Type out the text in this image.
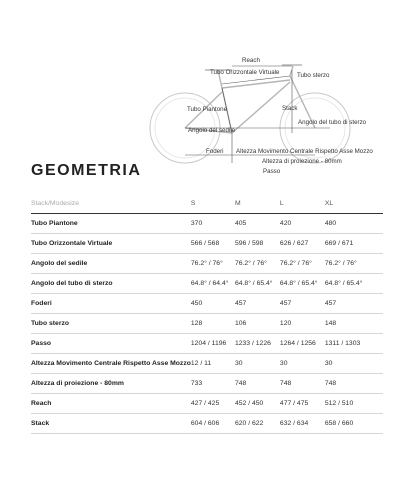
Reach
Tubo Orizzontale Virtuale	Tubo sterzo
Tubo Piantone	Stack
Angolo del tubo di sterzo
Angolo del sedile
Foderi Altezza Movimento Centrale Rispetto Asse Mozzo
Altezza di proiezione - 80mm
Passo
GEOMETRIA
Stack/Modesize	S	M	L	XL
Tubo Piantone	370	405	420	480
Tubo Orizzontale Virtuale	566 / 568	596 / 598	626 / 627	669 / 671
Angolo del sedile	76.2° / 76°	76.2° / 76°	76.2° / 76°	76.2° / 76°
Angolo del tubo di sterzo	64.8° / 64.4°	64.8° / 65.4°	64.8° / 65.4°	64.8° / 65.4°
Foderi	450	457	457	457
Tubo sterzo	128	106	120	148
Passo	1204 / 1196	1233 / 1226	1264 / 1256	1311 / 1303
Altezza Movimento Centrale Rispetto Asse Mozzo	12 / 11	30	30	30
Altezza di proiezione - 80mm	733	748	748	748
Reach	427 / 425	452 / 450	477 / 475	512 / 510
Stack	604 / 606	620 / 622	632 / 634	658 / 660
